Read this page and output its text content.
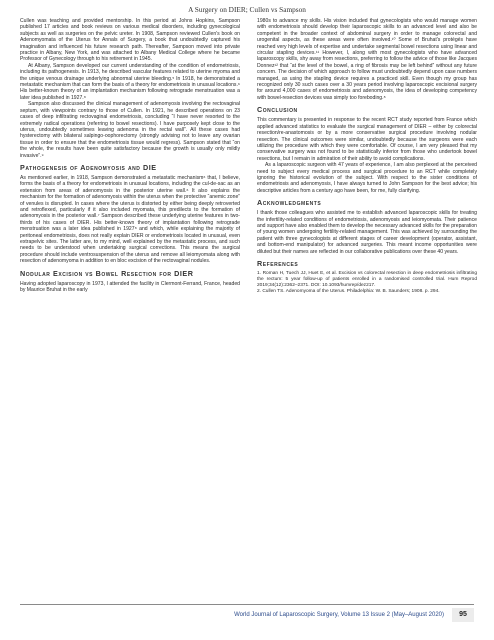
A Surgery on DIER; Cullen vs Sampson

Cullen was teaching and provided mentorship. In this period at Johns Hopkins, Sampson published 17 articles and book reviews on various medical disorders, including gynecological subjects as well as surgeries on the pelvic ureter. In 1908, Sampson reviewed Cullen's book on Adenomyomata of the Uterus for Annals of Surgery, a book that undoubtedly captured his imagination and influenced his future research path. Thereafter, Sampson moved into private practice in Albany, New York, and was attached to Albany Medical College where he became Professor of Gynecology through to his retirement in 1945.

At Albany, Sampson developed our current understanding of the condition of endometriosis, including its pathogenesis. In 1913, he described vascular features related to uterine myoma and the unique venous drainage underlying abnormal uterine bleeding.⁵ In 1918, he demonstrated a metastatic mechanism that can form the basis of a theory for endometriosis in unusual locations.⁶ His better-known theory of an implantation mechanism following retrograde menstruation was a later idea published in 1927.⁸

Sampson also discussed the clinical management of adenomyosis involving the rectovaginal septum, with viewpoints contrary to those of Cullen. In 1921, he described operations on 23 cases of deep infiltrating rectovaginal endometriosis, concluding “I have never resorted to the extremely radical operations (referring to bowel resections). I have purposely kept close to the uterus, undoubtedly sometimes leaving adenoma in the rectal wall”. All these cases had hysterectomy with bilateral salpingo-oophorectomy (strongly advising not to leave any ovarian tissue in order to ensure that the endometriosis tissue would regress). Sampson stated that “on the whole, the results have been quite satisfactory because the growth is usually only mildly invasive”.⁹

Pathogenesis of Adenomyosis and DIE

As mentioned earlier, in 1918, Sampson demonstrated a metastatic mechanism⁶ that, I believe, forms the basis of a theory for endometriosis in unusual locations, including the cul-de-sac as an extension from areas of adenomyosis in the posterior uterine wall.⁶ It also explains the mechanism for the formation of adenomyosis within the uterus when the protective “anemic zone” of venules is disrupted. In cases where the uterus is distorted by either being deeply retroverted and retroflexed, particularly if it also included myomata, this predilects to the formation of adenomyosis in the posterior wall.⁷ Sampson described these underlying uterine features in two-thirds of his cases of DIER. His better-known theory of implantation following retrograde menstruation was a later idea published in 1927⁸ and which, while explaining the majority of peritoneal endometriosis, does not really explain DIER or endometriosis located in unusual, even extrapelvic sites. The latter are, to my mind, well explained by the metastatic process, and such needs to be understood when undertaking surgical corrections. This means the surgical procedure should include ventrosuspension of the uterus and remove all leiomyomata along with resection of adenomyoma in addition to en bloc excision of the rectovaginal nodules.

Nodular Excision vs Bowel Resection for DIER

Having adopted laparoscopy in 1973, I attended the facility in Clermont-Ferrand, France, headed by Maurice Bruhat in the early

1980s to advance my skills. His vision included that gynecologists who would manage women with endometriosis should develop their laparoscopic skills to an advanced level and also be competent in the broader context of abdominal surgery in order to manage colorectal and urogenital aspects, as these areas were often involved.¹⁰ Some of Bruhat's protégés have reached very high levels of expertise and undertake segmental bowel resections using linear and circular stapling devices.¹¹ However, I, along with most gynecologists who have advanced laparoscopy skills, shy away from resections, preferring to follow the advice of those like Jacques Donnez¹² that “at the level of the bowel, a ring of fibrosis may be left behind” without any future concern. The decision of which approach to follow must undoubtedly depend upon case numbers managed, as using the stapling device requires a practiced skill. Even though my group has recognized only 30 such cases over a 30 years period involving laparoscopic excisional surgery for around 4,000 cases of endometriosis and adenomyosis, the idea of developing competency with bowel-resection devices was simply too foreboding.⁸

Conclusion

This commentary is presented in response to the recent RCT study reported from France which applied advanced statistics to evaluate the surgical management of DIER – either by colorectal resection/re-anastomosis or by a more conservative surgical procedure involving nodular resection. The clinical outcomes were similar, undoubtedly because the surgeons were each utilizing the procedure with which they were comfortable. Of course, I am very pleased that my conservative surgery was not found to be statistically inferior from those who undertook bowel resections, but I remain in admiration of their ability to avoid complications.

As a laparoscopic surgeon with 47 years of experience, I am also perplexed at the perceived need to subject every medical process and surgical procedure to an RCT while completely ignoring the historical evolution of the subject. With respect to the sister conditions of endometriosis and adenomyosis, I have always turned to John Sampson for the best advice; his descriptive articles from a century ago have been, for me, fully clarifying.

Acknowledgments

I thank those colleagues who assisted me to establish advanced laparoscopic skills for treating the infertility-related conditions of endometriosis, adenomyosis and leiomyomata. Their patience and support have also enabled them to develop the necessary advanced skills for the preparation of young women undergoing fertility-related management. This was achieved by surrounding the patient with three gynecologists at different stages of career development (operator, assistant, and bottom-end manipulator) for advanced surgeries. This meant income opportunities were diluted but their names are reflected in our collaborative publications over these 40 years.

References

1. Roman H, Tuech JJ, Huet E, et al. Excision vs colorectal resection in deep endometriosis infiltrating the rectum: 5 year follow-up of patients enrolled in a randomised controlled trial. Hum Reprod 2019;34(12):2362–2371. DOI: 10.1093/humrep/dez217.

2. Cullen TS. Adenomyoma of the Uterus. Philadelphia: W. B. Saunders; 1908. p. 294.

World Journal of Laparoscopic Surgery, Volume 13 Issue 2 (May–August 2020)	95
